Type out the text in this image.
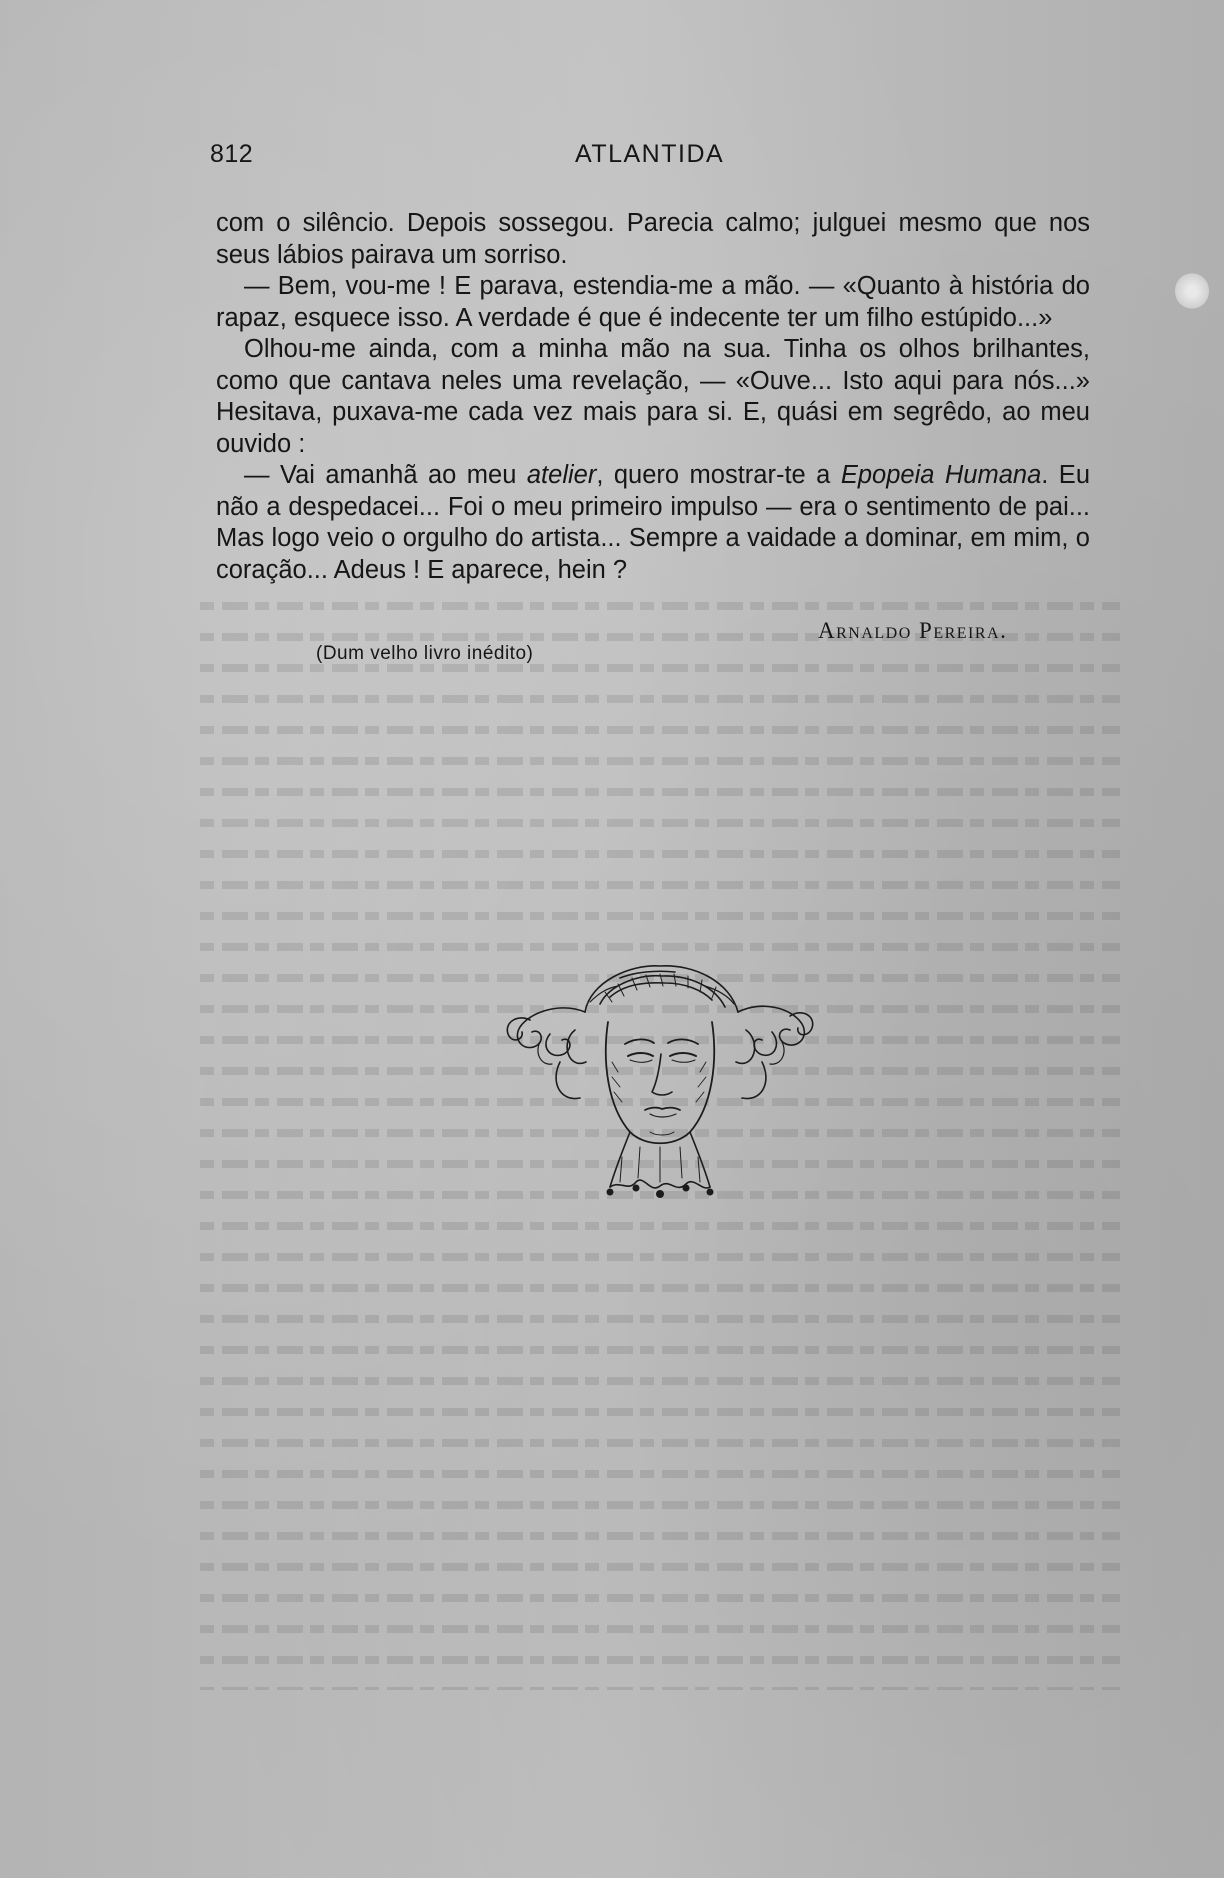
812	ATLANTIDA

com o silêncio. Depois sossegou. Parecia calmo; julguei mesmo que nos seus lábios pairava um sorriso.

— Bem, vou-me ! E parava, estendia-me a mão. — «Quanto à história do rapaz, esquece isso. A verdade é que é indecente ter um filho estúpido...»

Olhou-me ainda, com a minha mão na sua. Tinha os olhos brilhantes, como que cantava neles uma revelação, — «Ouve... Isto aqui para nós...» Hesitava, puxava-me cada vez mais para si. E, quási em segrêdo, ao meu ouvido :

— Vai amanhã ao meu atelier, quero mostrar-te a Epopeia Humana. Eu não a despedacei... Foi o meu primeiro impulso — era o sentimento de pai... Mas logo veio o orgulho do artista... Sempre a vaidade a dominar, em mim, o coração... Adeus ! E aparece, hein ?

Arnaldo Pereira.
(Dum velho livro inédito)
